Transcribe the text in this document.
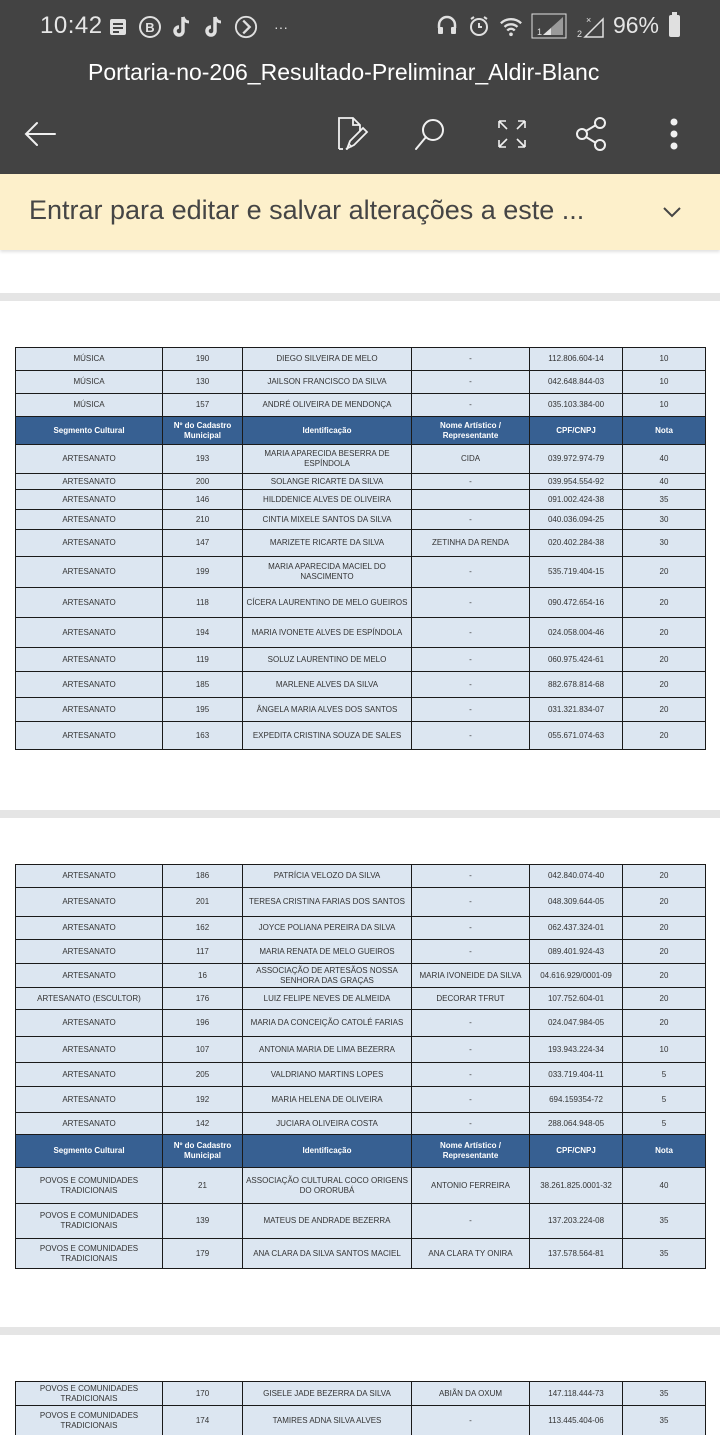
10:42	B	···	1	2
× 96%
Portaria-no-206_Resultado-Preliminar_Aldir-Blanc
Entrar para editar e salvar alterações a este ...
MÚSICA	190	DIEGO SILVEIRA DE MELO	-	112.806.604-14	10
MÚSICA	130	JAILSON FRANCISCO DA SILVA	-	042.648.844-03	10
MÚSICA	157	ANDRÉ OLIVEIRA DE MENDONÇA	-	035.103.384-00	10
Segmento Cultural	Nº do Cadastro Municipal	Identificação	Nome Artístico / Representante	CPF/CNPJ	Nota
ARTESANATO	193	MARIA APARECIDA BESERRA DE ESPÍNDOLA	CIDA	039.972.974-79	40
ARTESANATO	200	SOLANGE RICARTE DA SILVA	-	039.954.554-92	40
ARTESANATO	146	HILDDENICE ALVES DE OLIVEIRA		091.002.424-38	35
ARTESANATO	210	CINTIA MIXELE SANTOS DA SILVA	-	040.036.094-25	30
ARTESANATO	147	MARIZETE RICARTE DA SILVA	ZETINHA DA RENDA	020.402.284-38	30
ARTESANATO	199	MARIA APARECIDA MACIEL DO NASCIMENTO	-	535.719.404-15	20
ARTESANATO	118	CÍCERA LAURENTINO DE MELO GUEIROS	-	090.472.654-16	20
ARTESANATO	194	MARIA IVONETE ALVES DE ESPÍNDOLA	-	024.058.004-46	20
ARTESANATO	119	SOLUZ LAURENTINO DE MELO	-	060.975.424-61	20
ARTESANATO	185	MARLENE ALVES DA SILVA	-	882.678.814-68	20
ARTESANATO	195	ÂNGELA MARIA ALVES DOS SANTOS	-	031.321.834-07	20
ARTESANATO	163	EXPEDITA CRISTINA SOUZA DE SALES	-	055.671.074-63	20
ARTESANATO	186	PATRÍCIA VELOZO DA SILVA	-	042.840.074-40	20
ARTESANATO	201	TERESA CRISTINA FARIAS DOS SANTOS	-	048.309.644-05	20
ARTESANATO	162	JOYCE POLIANA PEREIRA DA SILVA	-	062.437.324-01	20
ARTESANATO	117	MARIA RENATA DE MELO GUEIROS	-	089.401.924-43	20
ARTESANATO	16	ASSOCIAÇÃO DE ARTESÃOS NOSSA SENHORA DAS GRAÇAS	MARIA IVONEIDE DA SILVA	04.616.929/0001-09	20
ARTESANATO (ESCULTOR)	176	LUIZ FELIPE NEVES DE ALMEIDA	DECORAR TFRUT	107.752.604-01	20
ARTESANATO	196	MARIA DA CONCEIÇÃO CATOLÉ FARIAS	-	024.047.984-05	20
ARTESANATO	107	ANTONIA MARIA DE LIMA BEZERRA	-	193.943.224-34	10
ARTESANATO	205	VALDRIANO MARTINS LOPES	-	033.719.404-11	5
ARTESANATO	192	MARIA HELENA DE OLIVEIRA	-	694.159354-72	5
ARTESANATO	142	JUCIARA OLIVEIRA COSTA	-	288.064.948-05	5
Segmento Cultural	Nº do Cadastro Municipal	Identificação	Nome Artístico / Representante	CPF/CNPJ	Nota
POVOS E COMUNIDADES TRADICIONAIS	21	ASSOCIAÇÃO CULTURAL COCO ORIGENS DO ORORUBÁ	ANTONIO FERREIRA	38.261.825.0001-32	40
POVOS E COMUNIDADES TRADICIONAIS	139	MATEUS DE ANDRADE BEZERRA	-	137.203.224-08	35
POVOS E COMUNIDADES TRADICIONAIS	179	ANA CLARA DA SILVA SANTOS MACIEL	ANA CLARA TY ONIRA	137.578.564-81	35
POVOS E COMUNIDADES TRADICIONAIS	170	GISELE JADE BEZERRA DA SILVA	ABIÃN DA OXUM	147.118.444-73	35
POVOS E COMUNIDADES TRADICIONAIS	174	TAMIRES ADNA SILVA ALVES	-	113.445.404-06	35
